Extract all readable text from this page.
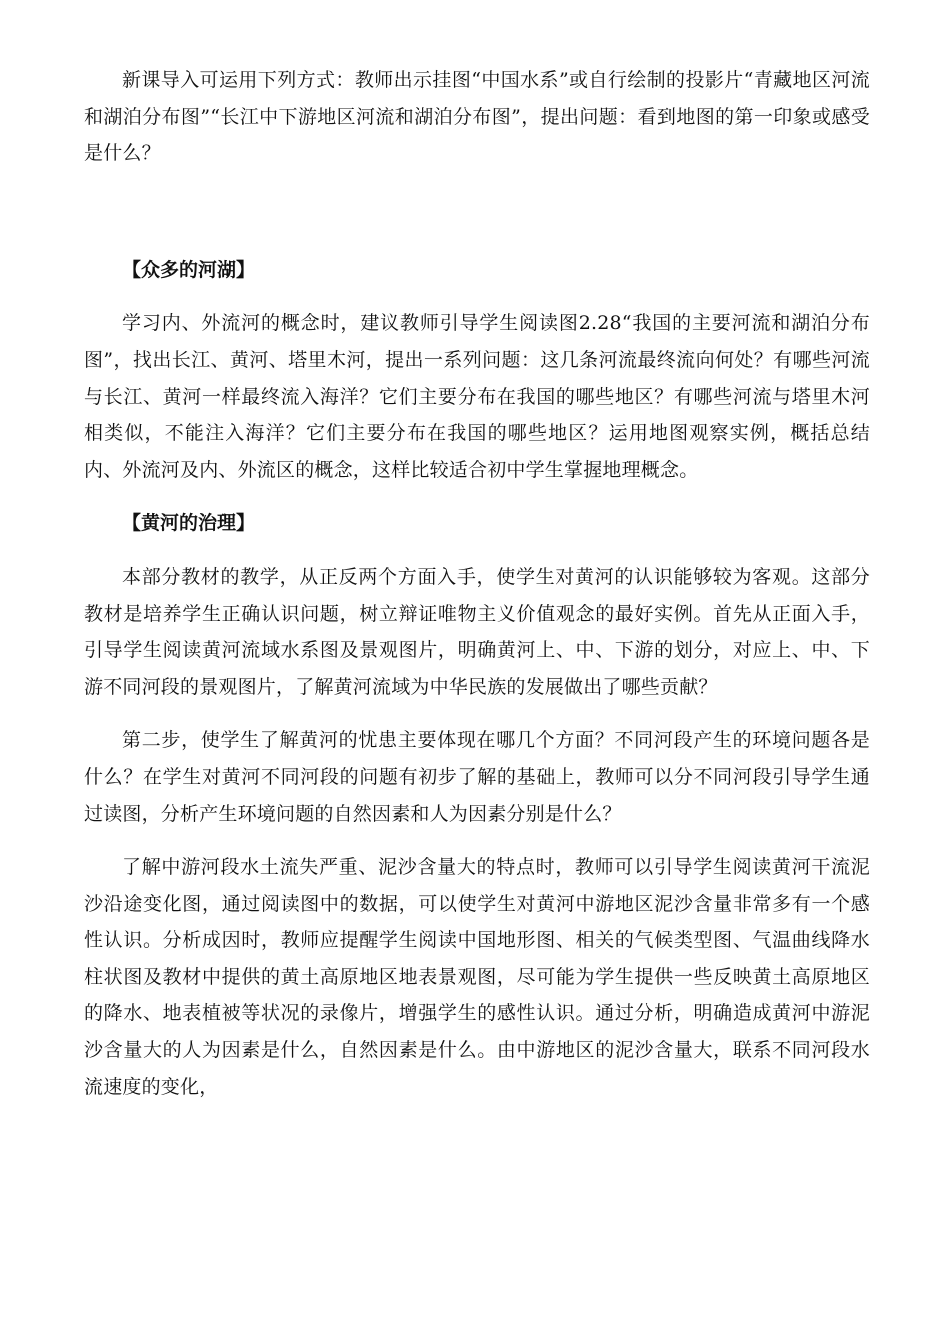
新课导入可运用下列方式：教师出示挂图“中国水系”或自行绘制的投影片“青藏地区河流和湖泊分布图”“长江中下游地区河流和湖泊分布图”，提出问题：看到地图的第一印象或感受是什么？

【众多的河湖】

学习内、外流河的概念时，建议教师引导学生阅读图2.28“我国的主要河流和湖泊分布图”，找出长江、黄河、塔里木河，提出一系列问题：这几条河流最终流向何处？有哪些河流与长江、黄河一样最终流入海洋？它们主要分布在我国的哪些地区？有哪些河流与塔里木河相类似，不能注入海洋？它们主要分布在我国的哪些地区？运用地图观察实例，概括总结内、外流河及内、外流区的概念，这样比较适合初中学生掌握地理概念。

【黄河的治理】

本部分教材的教学，从正反两个方面入手，使学生对黄河的认识能够较为客观。这部分教材是培养学生正确认识问题，树立辩证唯物主义价值观念的最好实例。首先从正面入手，引导学生阅读黄河流域水系图及景观图片，明确黄河上、中、下游的划分，对应上、中、下游不同河段的景观图片，了解黄河流域为中华民族的发展做出了哪些贡献？

第二步，使学生了解黄河的忧患主要体现在哪几个方面？不同河段产生的环境问题各是什么？在学生对黄河不同河段的问题有初步了解的基础上，教师可以分不同河段引导学生通过读图，分析产生环境问题的自然因素和人为因素分别是什么？

了解中游河段水土流失严重、泥沙含量大的特点时，教师可以引导学生阅读黄河干流泥沙沿途变化图，通过阅读图中的数据，可以使学生对黄河中游地区泥沙含量非常多有一个感性认识。分析成因时，教师应提醒学生阅读中国地形图、相关的气候类型图、气温曲线降水柱状图及教材中提供的黄土高原地区地表景观图，尽可能为学生提供一些反映黄土高原地区的降水、地表植被等状况的录像片，增强学生的感性认识。通过分析，明确造成黄河中游泥沙含量大的人为因素是什么，自然因素是什么。由中游地区的泥沙含量大，联系不同河段水流速度的变化，
